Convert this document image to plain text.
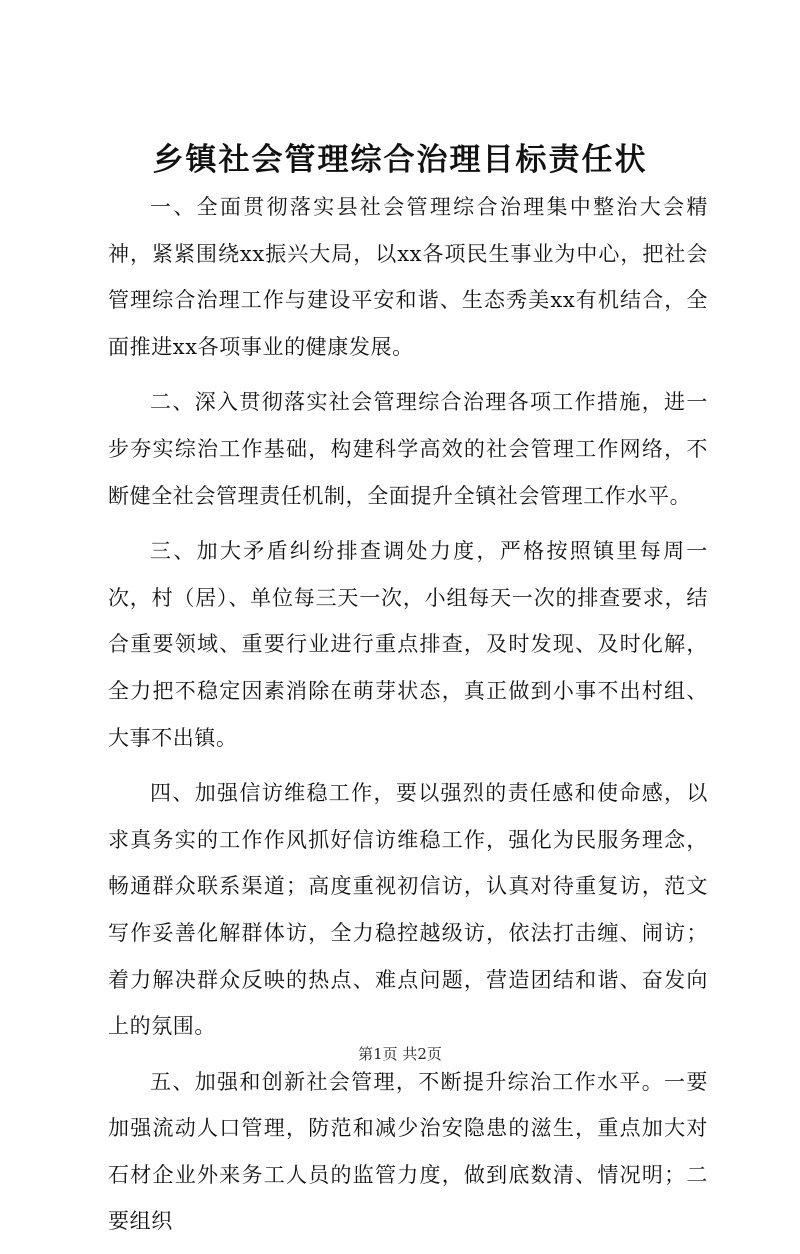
乡镇社会管理综合治理目标责任状

一、全面贯彻落实县社会管理综合治理集中整治大会精神，紧紧围绕xx振兴大局，以xx各项民生事业为中心，把社会管理综合治理工作与建设平安和谐、生态秀美xx有机结合，全面推进xx各项事业的健康发展。

二、深入贯彻落实社会管理综合治理各项工作措施，进一步夯实综治工作基础，构建科学高效的社会管理工作网络，不断健全社会管理责任机制，全面提升全镇社会管理工作水平。

三、加大矛盾纠纷排查调处力度，严格按照镇里每周一次，村（居）、单位每三天一次，小组每天一次的排查要求，结合重要领域、重要行业进行重点排查，及时发现、及时化解，全力把不稳定因素消除在萌芽状态，真正做到小事不出村组、大事不出镇。

四、加强信访维稳工作，要以强烈的责任感和使命感，以求真务实的工作作风抓好信访维稳工作，强化为民服务理念，畅通群众联系渠道；高度重视初信访，认真对待重复访，范文写作妥善化解群体访，全力稳控越级访，依法打击缠、闹访；着力解决群众反映的热点、难点问题，营造团结和谐、奋发向上的氛围。

五、加强和创新社会管理，不断提升综治工作水平。一要加强流动人口管理，防范和减少治安隐患的滋生，重点加大对石材企业外来务工人员的监管力度，做到底数清、情况明；二要组织

第1页 共2页
